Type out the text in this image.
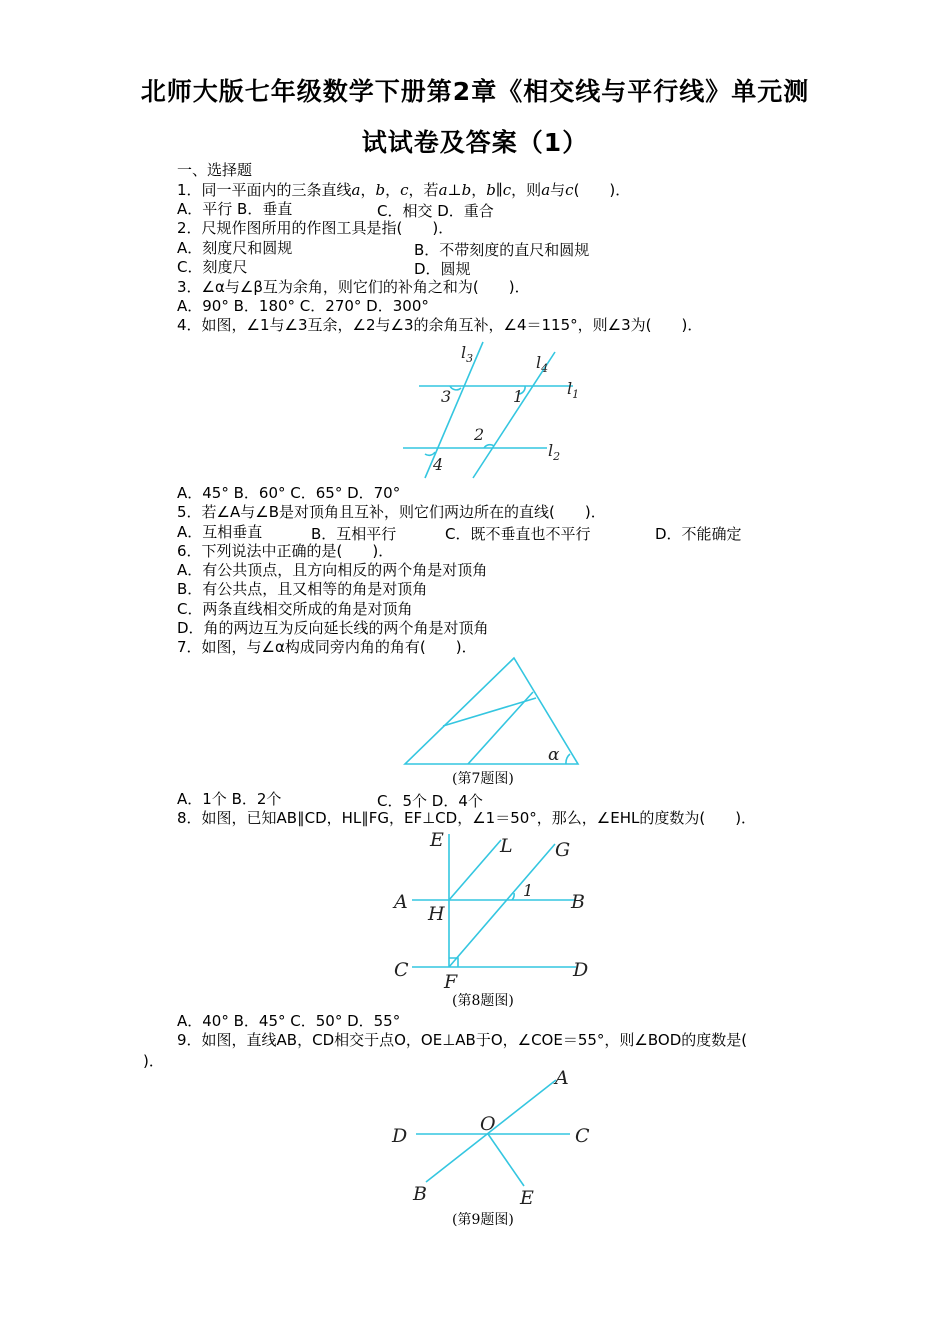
北师大版七年级数学下册第2章《相交线与平行线》单元测
试试卷及答案（1）
一、选择题
1．同一平面内的三条直线a，b，c，若a⊥b，b∥c，则a与c(　　)．
A．平行 B．垂直	C．相交 D．重合
2．尺规作图所用的作图工具是指(　　)．
A．刻度尺和圆规	B．不带刻度的直尺和圆规
C．刻度尺	D．圆规
3．∠α与∠β互为余角，则它们的补角之和为(　　)．
A．90° B．180° C．270° D．300°
4．如图，∠1与∠3互余，∠2与∠3的余角互补，∠4＝115°，则∠3为(　　)．
$l_3$	$l_4$
$l_1$
$l_2$
3	1
2
4
A．45° B．60° C．65° D．70°
5．若∠A与∠B是对顶角且互补，则它们两边所在的直线(　　)．
A．互相垂直	B．互相平行	C．既不垂直也不平行	D．不能确定
6．下列说法中正确的是(　　)．
A．有公共顶点，且方向相反的两个角是对顶角
B．有公共点，且又相等的角是对顶角
C．两条直线相交所成的角是对顶角
D．角的两边互为反向延长线的两个角是对顶角
7．如图，与∠α构成同旁内角的角有(　　)．
α
(第7题图)
A．1个 B．2个	C．5个 D．4个
8．如图，已知AB∥CD，HL∥FG，EF⊥CD，∠1＝50°，那么，∠EHL的度数为(　　)．
E	L G
A
H
1
B
C
F
D
(第8题图)
A．40° B．45° C．50° D．55°
9．如图，直线AB，CD相交于点O，OE⊥AB于O，∠COE＝55°，则∠BOD的度数是(
)．
A
D
O
C
B	E
(第9题图)
